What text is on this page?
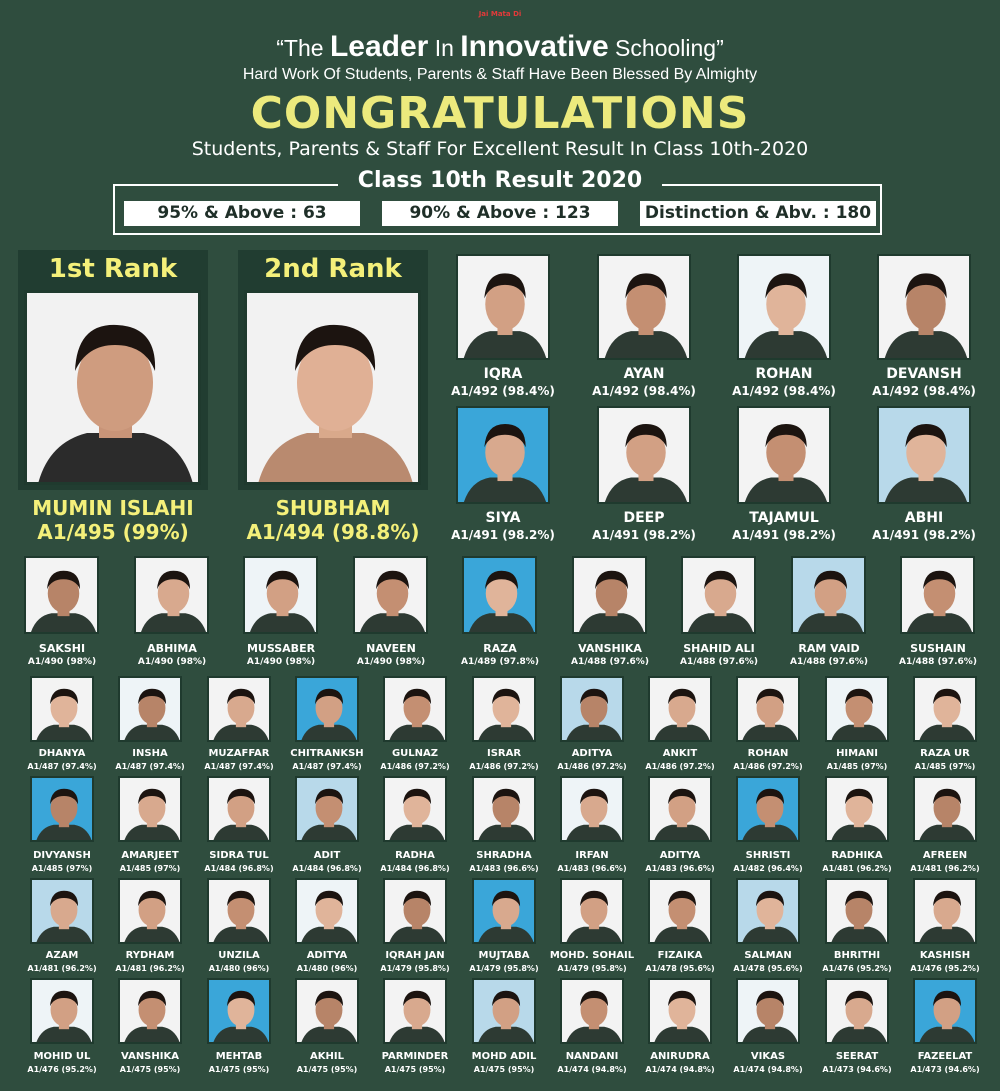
Jai Mata Di
“The Leader In Innovative Schooling”
Hard Work Of Students, Parents & Staff Have Been Blessed By Almighty
CONGRATULATIONS
Students, Parents & Staff For Excellent Result In Class 10th-2020
Class 10th Result 2020
95% & Above : 63	90% & Above : 123	Distinction & Abv. : 180
1st Rank
MUMIN ISLAHI
A1/495 (99%)
2nd Rank
SHUBHAM
A1/494 (98.8%)
IQRA
A1/492 (98.4%)
AYAN
A1/492 (98.4%)
ROHAN
A1/492 (98.4%)
DEVANSH
A1/492 (98.4%)
SIYA
A1/491 (98.2%)
DEEP
A1/491 (98.2%)
TAJAMUL
A1/491 (98.2%)
ABHI
A1/491 (98.2%)
SAKSHI
A1/490 (98%)
ABHIMA
A1/490 (98%)
MUSSABER
A1/490 (98%)
NAVEEN
A1/490 (98%)
RAZA
A1/489 (97.8%)
VANSHIKA
A1/488 (97.6%)
SHAHID ALI
A1/488 (97.6%)
RAM VAID
A1/488 (97.6%)
SUSHAIN
A1/488 (97.6%)
DHANYA
A1/487 (97.4%)
INSHA
A1/487 (97.4%)
MUZAFFAR
A1/487 (97.4%)
CHITRANKSH
A1/487 (97.4%)
GULNAZ
A1/486 (97.2%)
ISRAR
A1/486 (97.2%)
ADITYA
A1/486 (97.2%)
ANKIT
A1/486 (97.2%)
ROHAN
A1/486 (97.2%)
HIMANI
A1/485 (97%)
RAZA UR
A1/485 (97%)
DIVYANSH
A1/485 (97%)
AMARJEET
A1/485 (97%)
SIDRA TUL
A1/484 (96.8%)
ADIT
A1/484 (96.8%)
RADHA
A1/484 (96.8%)
SHRADHA
A1/483 (96.6%)
IRFAN
A1/483 (96.6%)
ADITYA
A1/483 (96.6%)
SHRISTI
A1/482 (96.4%)
RADHIKA
A1/481 (96.2%)
AFREEN
A1/481 (96.2%)
AZAM
A1/481 (96.2%)
RYDHAM
A1/481 (96.2%)
UNZILA
A1/480 (96%)
ADITYA
A1/480 (96%)
IQRAH JAN
A1/479 (95.8%)
MUJTABA
A1/479 (95.8%)
MOHD. SOHAIL
A1/479 (95.8%)
FIZAIKA
A1/478 (95.6%)
SALMAN
A1/478 (95.6%)
BHRITHI
A1/476 (95.2%)
KASHISH
A1/476 (95.2%)
MOHID UL
A1/476 (95.2%)
VANSHIKA
A1/475 (95%)
MEHTAB
A1/475 (95%)
AKHIL
A1/475 (95%)
PARMINDER
A1/475 (95%)
MOHD ADIL
A1/475 (95%)
NANDANI
A1/474 (94.8%)
ANIRUDRA
A1/474 (94.8%)
VIKAS
A1/474 (94.8%)
SEERAT
A1/473 (94.6%)
FAZEELAT
A1/473 (94.6%)
